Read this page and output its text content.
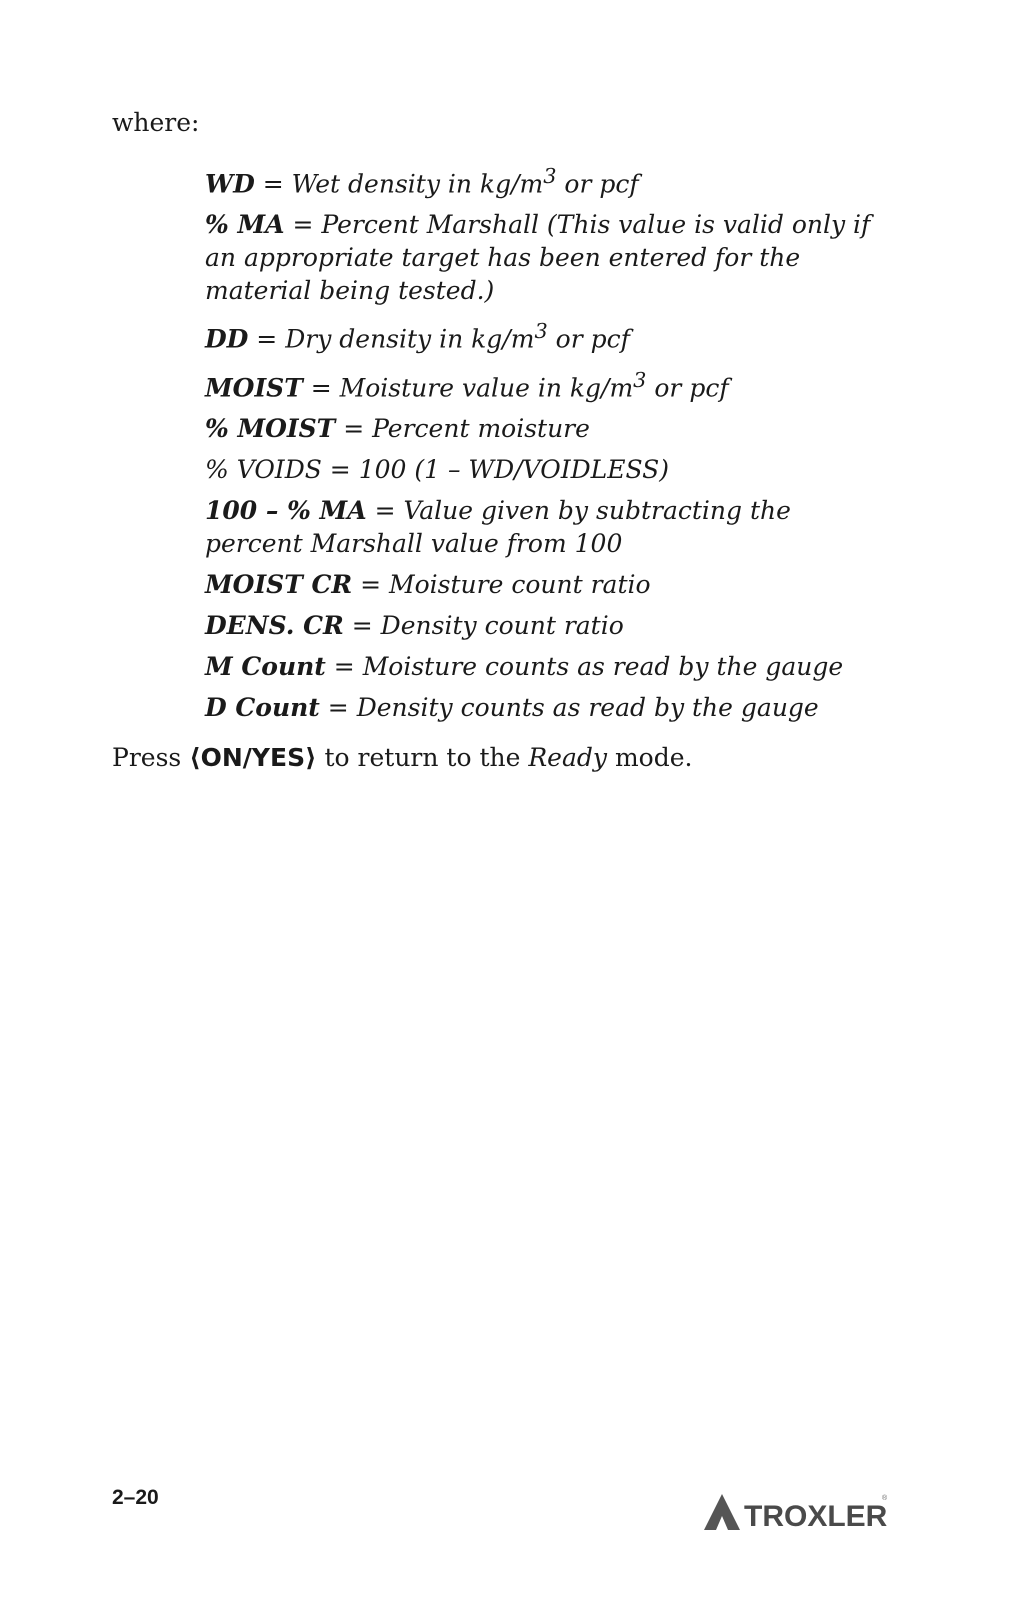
where:
WD = Wet density in $kg/m^3$ or pcf
% MA = Percent Marshall (This value is valid only if an appropriate target has been entered for the material being tested.)
DD = Dry density in $kg/m^3$ or pcf
MOIST = Moisture value in $kg/m^3$ or pcf
% MOIST = Percent moisture
% VOIDS = 100 (1 – WD/VOIDLESS)
100 – % MA = Value given by subtracting the percent Marshall value from 100
MOIST CR = Moisture count ratio
DENS. CR = Density count ratio
M Count = Moisture counts as read by the gauge
D Count = Density counts as read by the gauge
Press ⟨ON/YES⟩ to return to the Ready mode.
2–20
TROXLER
®
